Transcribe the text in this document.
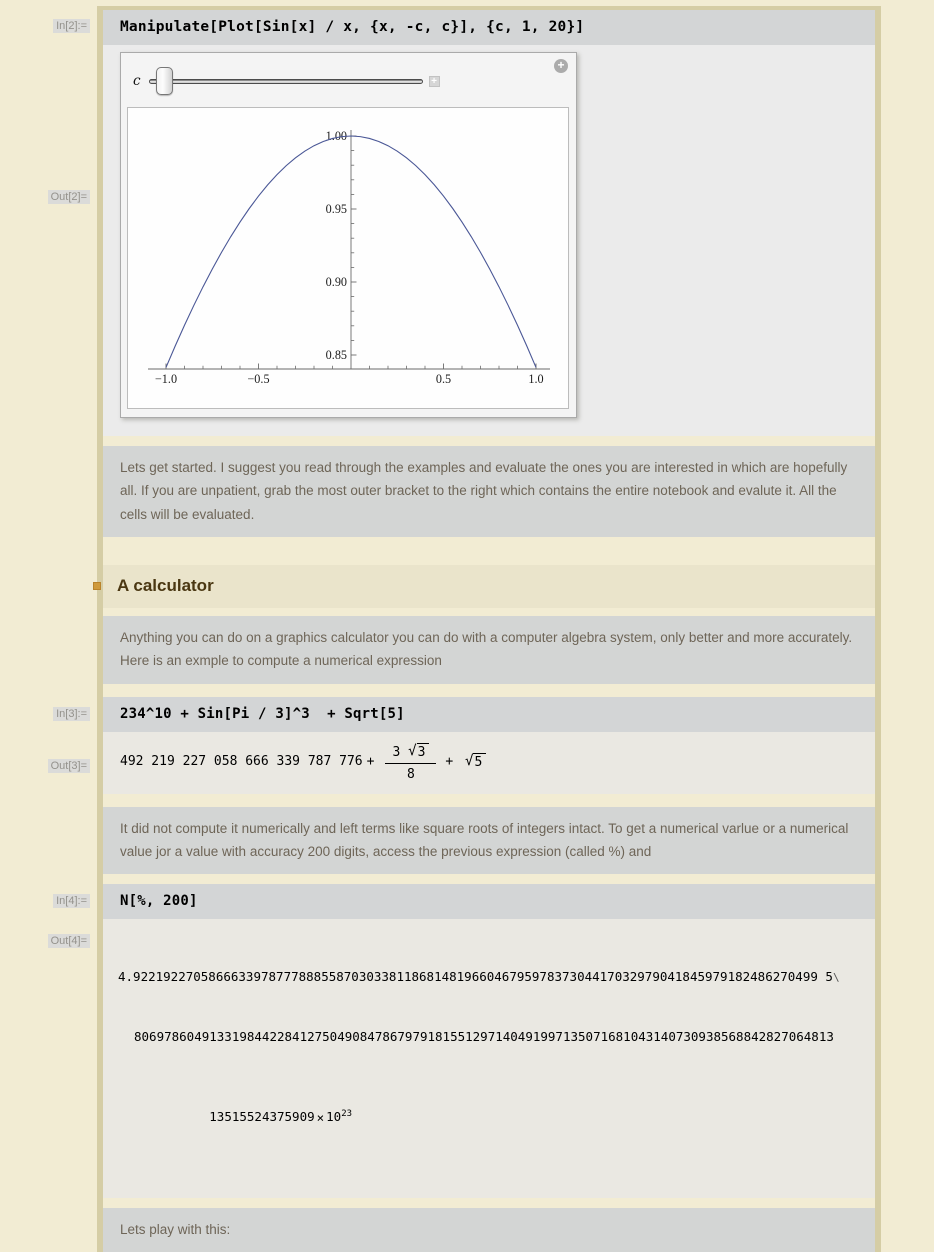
In[2]:=
Out[2]=
Manipulate[Plot[Sin[x] / x, {x, -c, c}], {c, 1, 20}]
+
c	+
−1.0	−0.5	0.5	1.0
0.85
0.90
0.95
1.00
Lets get started. I suggest you read through the examples and evaluate the ones you are interested in which are hopefully all. If you are unpatient, grab the most outer bracket to the right which contains the entire notebook and evalute it. All the cells will be evaluated.
A calculator
Anything you can do on a graphics calculator you can do with a computer algebra system, only better and more accurately. Here is an exmple to compute a numerical expression
In[3]:=
Out[3]=
234^10 + Sin[Pi / 3]^3  + Sqrt[5]
492 219 227 058 666 339 787 $776 + \frac{3 √ 3}{8}$ + √ 5
It did not compute it numerically and left terms like square roots of integers intact. To get a numerical varlue or a numerical value jor a value with accuracy 200 digits, access the previous expression (called %) and
In[4]:=
Out[4]=
N[%, 200]

4.9221922705866633978777888558703033811868148196604679597837304417032979041845979182486270499 5\

806978604913319844228412750490847867979181551297140491997135071681043140730938568842827064813

$13515524375909 \times 10^{23}$

Lets play with this:
